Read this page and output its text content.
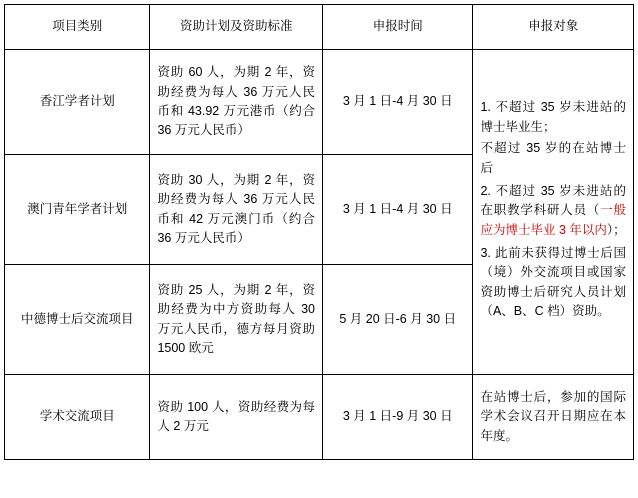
项目类别	资助计划及资助标准	申报时间	申报对象
香江学者计划	资助 60 人，为期 2 年，资助经费为每人 36 万元人民币和 43.92 万元港币（约合 36 万元人民币）	3 月 1 日-4 月 30 日	1. 不超过 35 岁未进站的博士毕业生；
不超过 35 岁的在站博士后
2. 不超过 35 岁未进站的在职教学科研人员（一般应为博士毕业 3 年以内）；
3. 此前未获得过博士后国（境）外交流项目或国家资助博士后研究人员计划（A、B、C 档）资助。

澳门青年学者计划	资助 30 人，为期 2 年，资助经费为每人 36 万元人民币和 42 万元澳门币（约合 36 万元人民币）	3 月 1 日-4 月 30 日	
中德博士后交流项目	资助 25 人，为期 2 年，资助经费为中方资助每人 30 万元人民币，德方每月资助 1500 欧元	5 月 20 日-6 月 30 日	
学术交流项目	资助 100 人，资助经费为每人 2 万元	3 月 1 日-9 月 30 日	在站博士后，参加的国际学术会议召开日期应在本年度。
